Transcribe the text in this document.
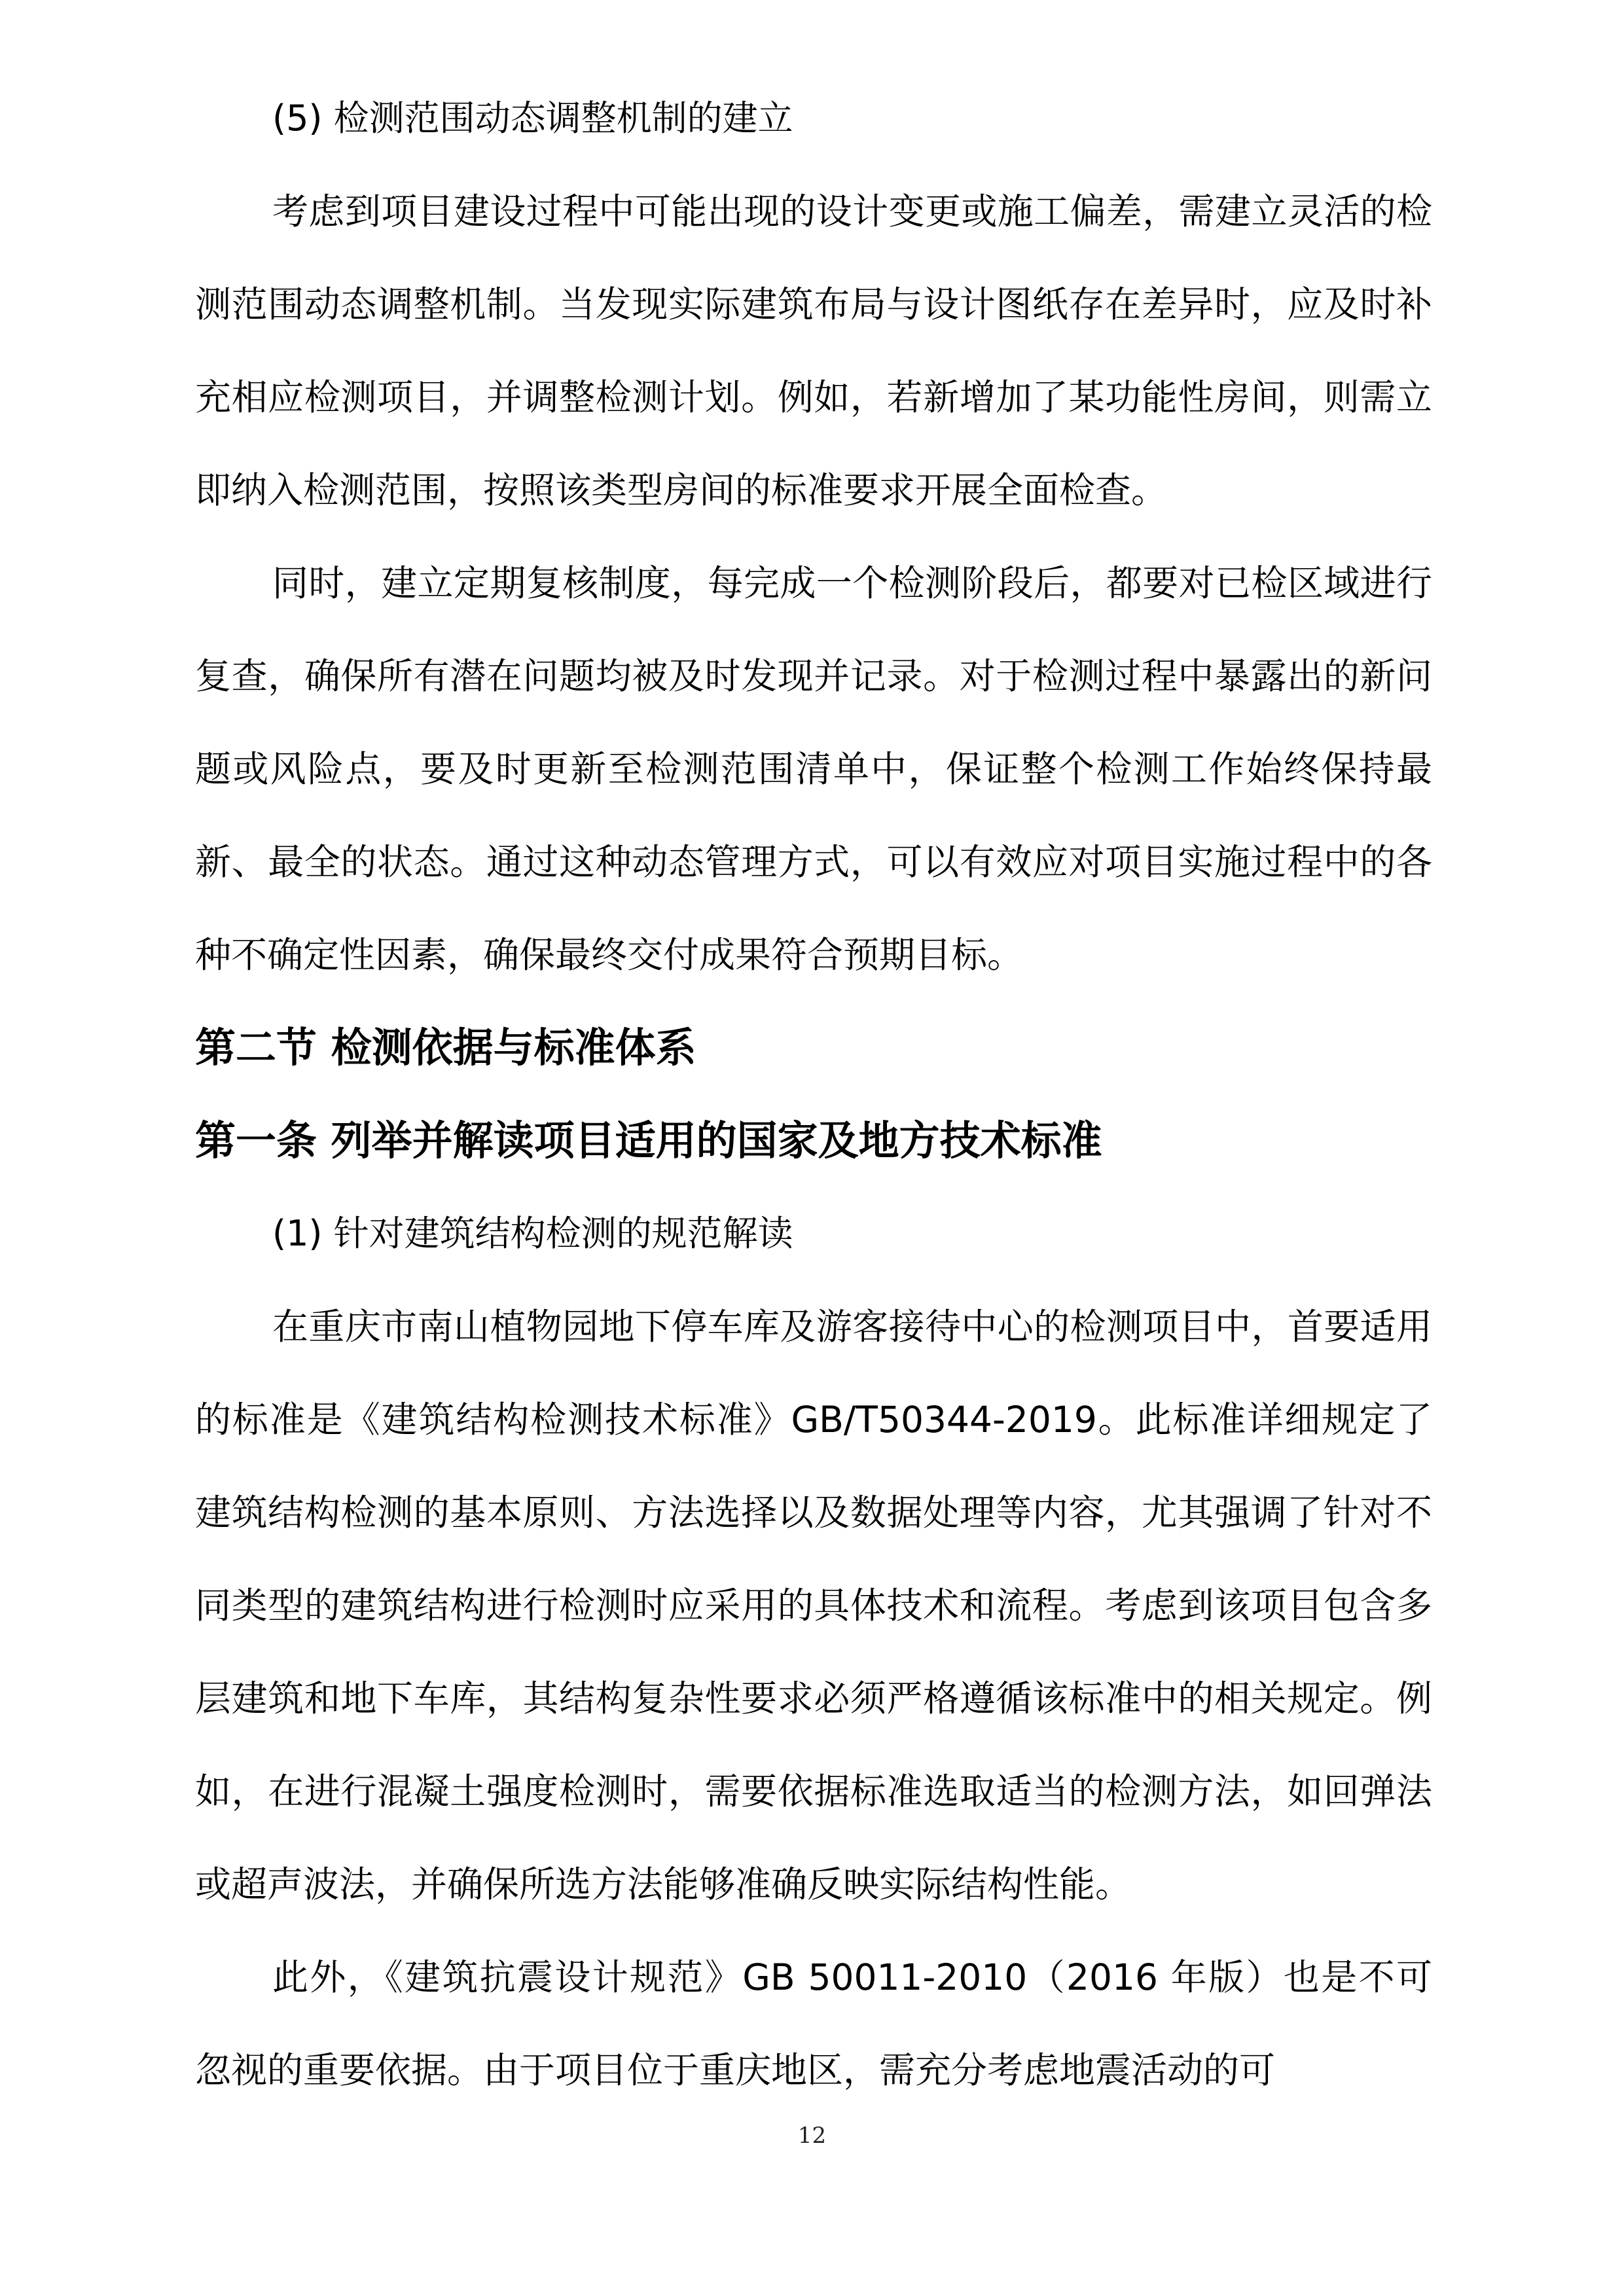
(5) 检测范围动态调整机制的建立

考虑到项目建设过程中可能出现的设计变更或施工偏差，需建立灵活的检测范围动态调整机制。当发现实际建筑布局与设计图纸存在差异时，应及时补充相应检测项目，并调整检测计划。例如，若新增加了某功能性房间，则需立即纳入检测范围，按照该类型房间的标准要求开展全面检查。

同时，建立定期复核制度，每完成一个检测阶段后，都要对已检区域进行复查，确保所有潜在问题均被及时发现并记录。对于检测过程中暴露出的新问题或风险点，要及时更新至检测范围清单中，保证整个检测工作始终保持最新、最全的状态。通过这种动态管理方式，可以有效应对项目实施过程中的各种不确定性因素，确保最终交付成果符合预期目标。

第二节 检测依据与标准体系

第一条 列举并解读项目适用的国家及地方技术标准

(1) 针对建筑结构检测的规范解读

在重庆市南山植物园地下停车库及游客接待中心的检测项目中，首要适用的标准是《建筑结构检测技术标准》GB/T50344-2019。此标准详细规定了建筑结构检测的基本原则、方法选择以及数据处理等内容，尤其强调了针对不同类型的建筑结构进行检测时应采用的具体技术和流程。考虑到该项目包含多层建筑和地下车库，其结构复杂性要求必须严格遵循该标准中的相关规定。例如，在进行混凝土强度检测时，需要依据标准选取适当的检测方法，如回弹法或超声波法，并确保所选方法能够准确反映实际结构性能。

此外，《建筑抗震设计规范》GB 50011-2010（2016 年版）也是不可忽视的重要依据。由于项目位于重庆地区，需充分考虑地震活动的可

12
